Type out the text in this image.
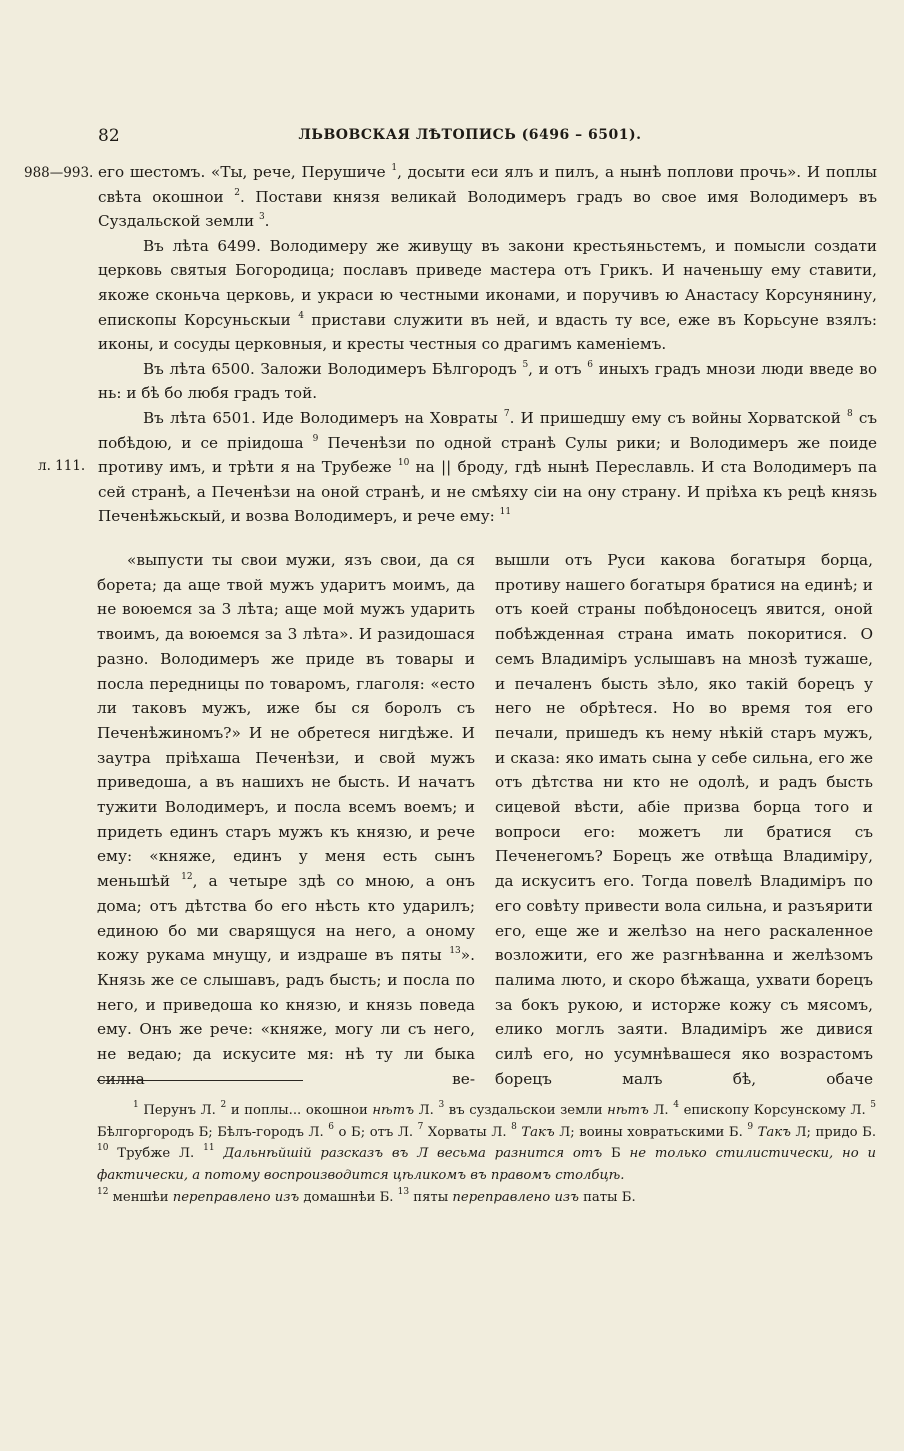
82	ЛЬВОВСКАЯ ЛѢТОПИСЬ (6496 – 6501).
988—993.
л. 111.

его шестомъ. «Ты, рече, Перушиче $^1$, досыти еси ялъ и пилъ, а нынѣ поплови прочь». И поплы свѣта окошнои $^2$. Постави князя великай Володимеръ градъ во свое имя Володимеръ въ Суздальской земли $^3$.

Въ лѣта 6499. Володимеру же живущу въ закони крестьяньстемъ, и помысли создати церковь святыя Богородица; пославъ приведе мастера отъ Грикъ. И наченьшу ему ставити, якоже сконьча церковь, и украси ю честными иконами, и поручивъ ю Анастасу Корсунянину, епископы Корсуньскыи $^4$ пристави служити въ ней, и вдасть ту все, еже въ Корьсуне взялъ: иконы, и сосуды церковныя, и кресты честныя со драгимъ каменiемъ.

Въ лѣта 6500. Заложи Володимеръ Бѣлгородъ $^5$, и отъ $^6$ иныхъ градъ мнози люди введе во нь: и бѣ бо любя градъ той.

Въ лѣта 6501. Иде Володимеръ на Ховраты $^7$. И пришедшу ему съ войны Хорватской $^8$ съ побѣдою, и се прiидоша $^9$ Печенѣзи по одной странѣ Сулы рики; и Володимеръ же поиде противу имъ, и трѣти я на Трубеже $^{10}$ на || броду, гдѣ нынѣ Переславль. И ста Володимеръ па сей странѣ, а Печенѣзи на оной странѣ, и не смѣяху сiи на ону страну. И прiѣха къ рецѣ князь Печенѣжьскый, и возва Володимеръ, и рече ему: $^{11}$

«выпусти ты свои мужи, язъ свои, да ся борета; да аще твой мужъ ударитъ моимъ, да не воюемся за 3 лѣта; аще мой мужъ ударить твоимъ, да воюемся за 3 лѣта». И разидошася разно. Володимеръ же приде въ товары и посла передницы по товаромъ, глаголя: «есто ли таковъ мужъ, иже бы ся боролъ съ Печенѣжиномъ?» И не обретеся нигдѣже. И заутра прiѣхаша Печенѣзи, и свой мужъ приведоша, а въ нашихъ не бысть. И начатъ тужити Володимеръ, и посла всемъ воемъ; и придеть единъ старъ мужъ къ князю, и рече ему: «княже, единъ у меня есть сынъ меньшѣй $^{12}$, а четыре здѣ со мною, а онъ дома; отъ дѣтства бо его нѣсть кто ударилъ; единою бо ми сварящуся на него, а оному кожу рукама мнущу, и издраше въ пяты $^{13}$». Князь же се слышавъ, радъ бысть; и посла по него, и приведоша ко князю, и князь поведа ему. Онъ же рече: «княже, могу ли съ него, не ведаю; да искусите мя: нѣ ту ли быка силна ве-

вышли отъ Руси какова богатыря борца, противу нашего богатыря братися на единѣ; и отъ коей страны побѣдоносецъ явится, оной побѣжденная страна имать покоритися. О семъ Владимiръ услышавъ на мнозѣ тужаше, и печаленъ бысть зѣло, яко такiй борецъ у него не обрѣтеся. Но во время тоя его печали, пришедъ къ нему нѣкiй старъ мужъ, и сказа: яко имать сына у себе сильна, его же отъ дѣтства ни кто не одолѣ, и радъ бысть сицевой вѣсти, абiе призва борца того и вопроси его: можетъ ли братися съ Печенегомъ? Борецъ же отвѣща Владимiру, да искуситъ его. Тогда повелѣ Владимiръ по его совѣту привести вола сильна, и разъярити его, еще же и желѣзо на него раскаленное возложити, его же разгнѣванна и желѣзомъ палима люто, и скоро бѣжаща, ухвати борецъ за бокъ рукою, и исторже кожу съ мясомъ, елико моглъ заяти. Владимiръ же дивися силѣ его, но усумнѣвашеся яко возрастомъ борецъ малъ бѣ, обаче

$^1$ Перунъ Л. $^2$ и поплы... окошнои нѣтъ Л. $^3$ въ суздальскои земли нѣтъ Л. $^4$ епископу Корсунскому Л. $^5$ Бѣлгоргородъ Б; Бѣлъ-городъ Л. $^6$ о Б; отъ Л. $^7$ Хорваты Л. $^8$ Такъ Л; воины ховратьскими Б. $^9$ Такъ Л; придо Б. $^{10}$ Трубже Л. $^{11}$ Дальнѣйшiй разсказъ въ Л весьма разнится отъ Б не только стилистически, но и фактически, а потому воспроизводится цѣликомъ въ правомъ столбцѣ.

$^{12}$ меншѣи переправлено изъ домашнѣи Б. $^{13}$ пяты переправлено изъ паты Б.
